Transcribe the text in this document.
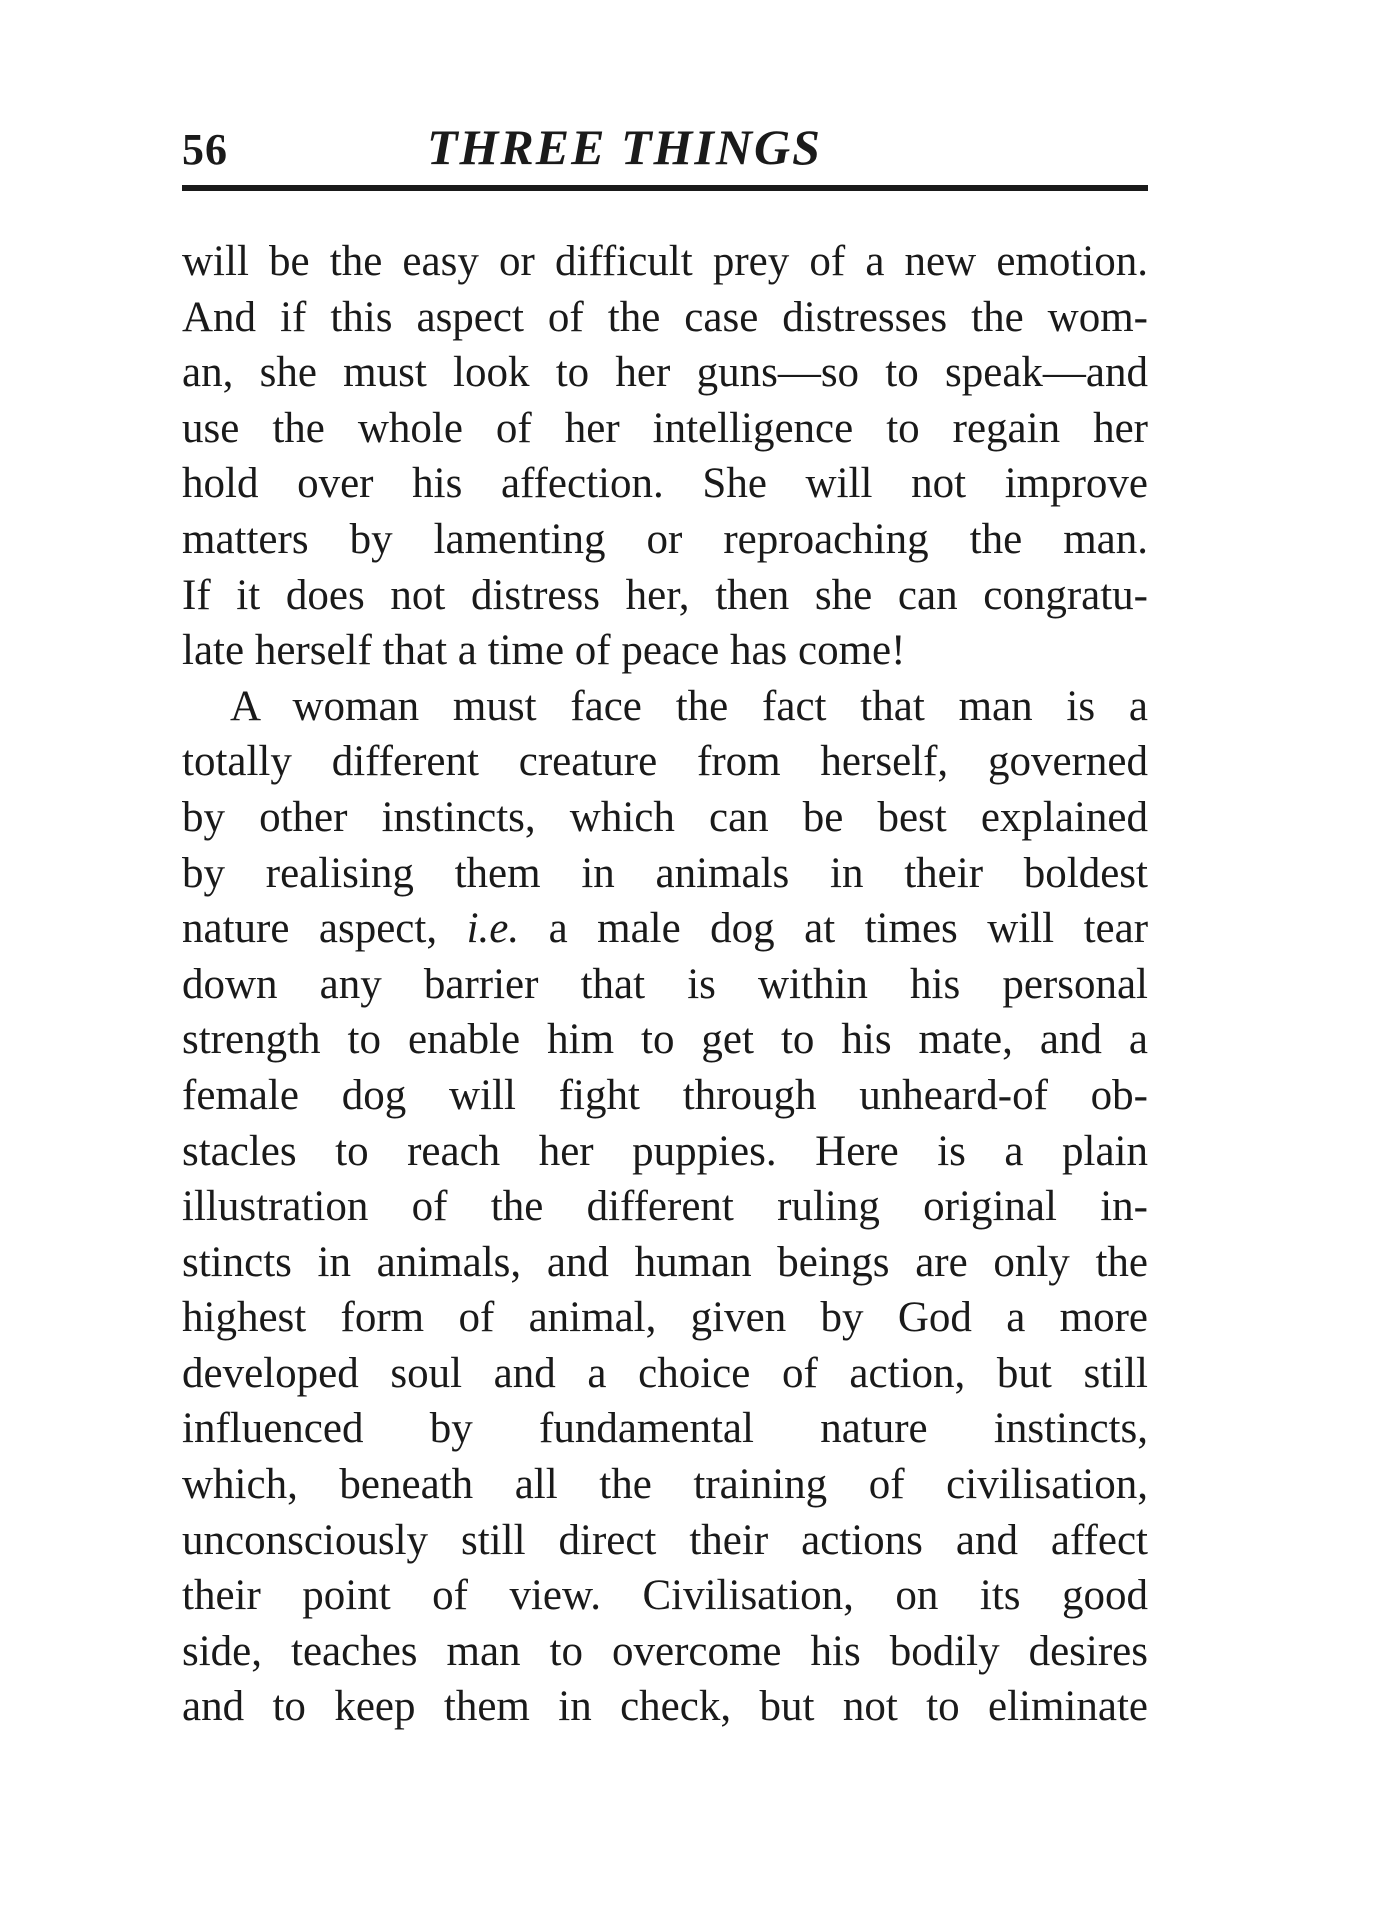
56	THREE THINGS
will be the easy or difficult prey of a new emotion.
And if this aspect of the case distresses the wom-
an, she must look to her guns—so to speak—and
use the whole of her intelligence to regain her
hold over his affection. She will not improve
matters by lamenting or reproaching the man.
If it does not distress her, then she can congratu-
late herself that a time of peace has come!
A woman must face the fact that man is a
totally different creature from herself, governed
by other instincts, which can be best explained
by realising them in animals in their boldest
nature aspect, i.e. a male dog at times will tear
down any barrier that is within his personal
strength to enable him to get to his mate, and a
female dog will fight through unheard-of ob-
stacles to reach her puppies. Here is a plain
illustration of the different ruling original in-
stincts in animals, and human beings are only the
highest form of animal, given by God a more
developed soul and a choice of action, but still
influenced by fundamental nature instincts,
which, beneath all the training of civilisation,
unconsciously still direct their actions and affect
their point of view. Civilisation, on its good
side, teaches man to overcome his bodily desires
and to keep them in check, but not to eliminate
